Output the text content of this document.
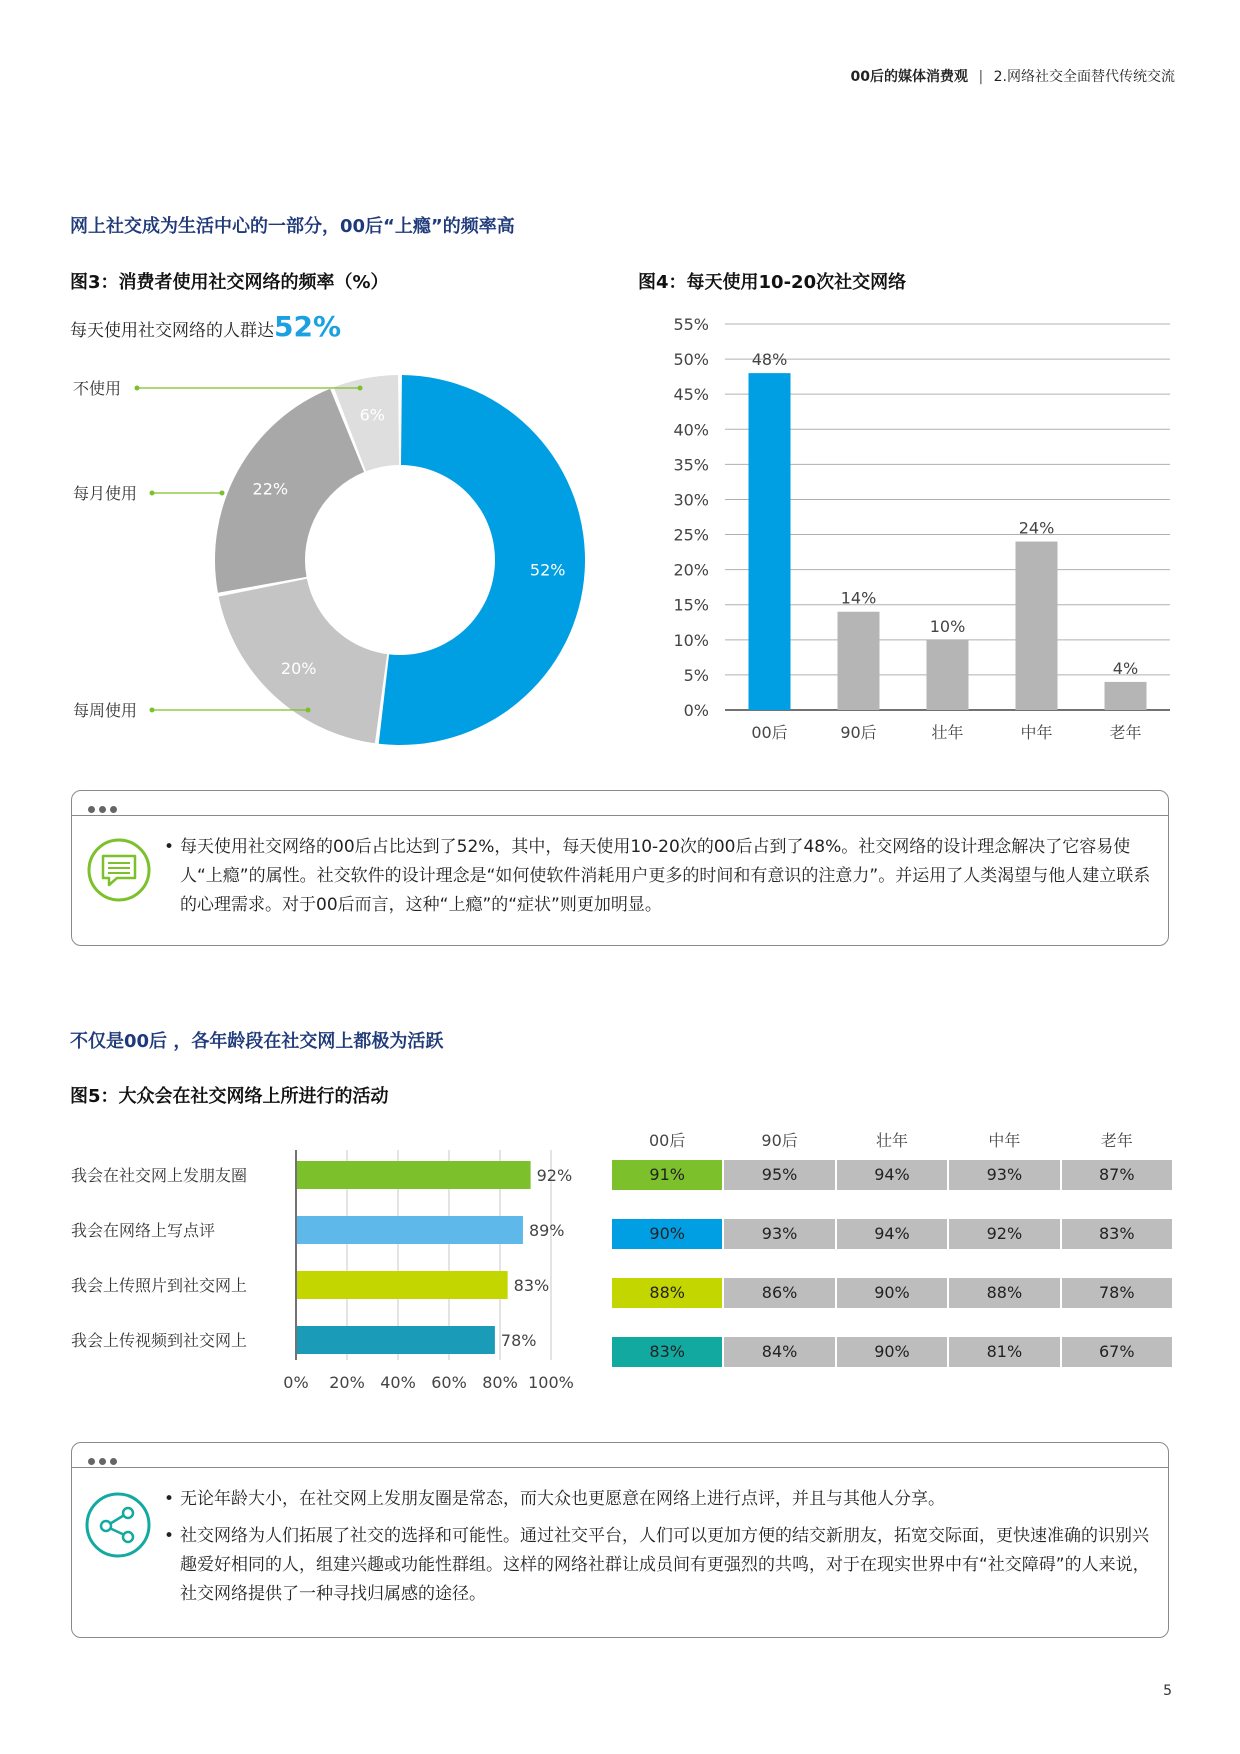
00后的媒体消费观 | 2.网络社交全面替代传统交流
网上社交成为生活中心的一部分，00后“上瘾”的频率高
图3：消费者使用社交网络的频率（%）
每天使用社交网络的人群达52%
52%
20%
22%
6%
不使用
每月使用
每周使用
图4：每天使用10-20次社交网络
0%
5%
10%
15%
20%
25%
30%
35%
40%
45%
50%
55%
48%
00后
14%
90后
10%
壮年
24%
中年
4%
老年

• 每天使用社交网络的00后占比达到了52%，其中，每天使用10-20次的00后占到了48%。社交网络的设计理念解决了它容易使人“上瘾”的属性。社交软件的设计理念是“如何使软件消耗用户更多的时间和有意识的注意力”。并运用了人类渴望与他人建立联系的心理需求。对于00后而言，这种“上瘾”的“症状”则更加明显。

不仅是00后 ，各年龄段在社交网上都极为活跃
图5：大众会在社交网络上所进行的活动
0% 20% 40% 60% 80% 100%
我会在社交网上发朋友圈	92%
我会在网络上写点评	89%
我会上传照片到社交网上	83%
我会上传视频到社交网上	78%
00后	90后	壮年	中年	老年
91%	95%	94%	93%	87%

90%	93%	94%	92%	83%

88%	86%	90%	88%	78%

83%	84%	90%	81%	67%

• 无论年龄大小，在社交网上发朋友圈是常态，而大众也更愿意在网络上进行点评，并且与其他人分享。

• 社交网络为人们拓展了社交的选择和可能性。通过社交平台，人们可以更加方便的结交新朋友，拓宽交际面，更快速准确的识别兴趣爱好相同的人，组建兴趣或功能性群组。这样的网络社群让成员间有更强烈的共鸣，对于在现实世界中有“社交障碍”的人来说，社交网络提供了一种寻找归属感的途径。

5
